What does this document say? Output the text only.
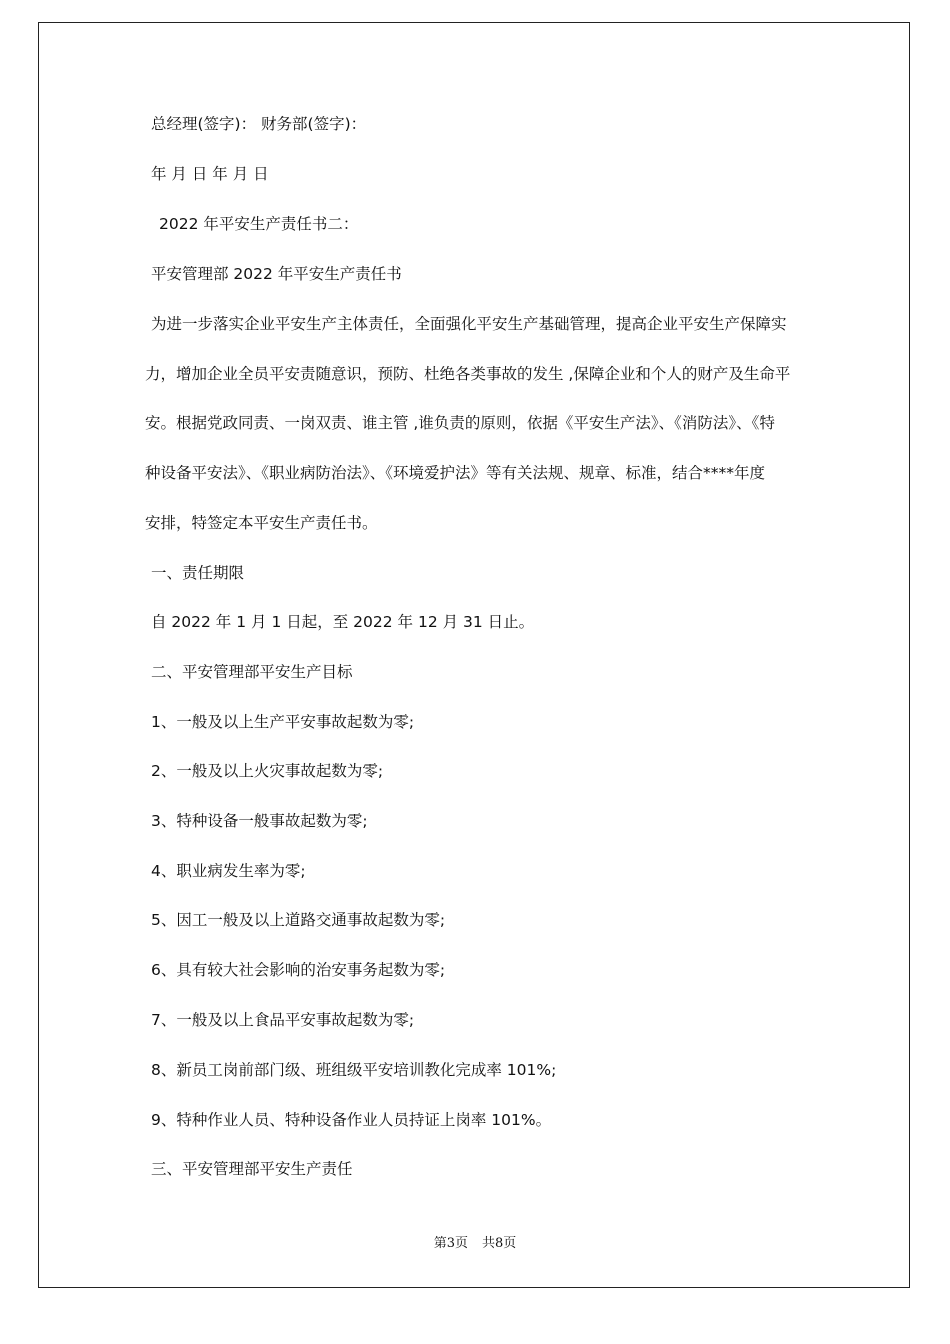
总经理(签字)： 财务部(签字)：
年 月 日 年 月 日
2022 年平安生产责任书二：
平安管理部 2022 年平安生产责任书
为进一步落实企业平安生产主体责任，全面强化平安生产基础管理，提高企业平安生产保障实
力，增加企业全员平安责随意识，预防、杜绝各类事故的发生 ,保障企业和个人的财产及生命平
安。根据党政同责、一岗双责、谁主管 ,谁负责的原则，依据《平安生产法》、《消防法》、《特
种设备平安法》、《职业病防治法》、《环境爱护法》等有关法规、规章、标准，结合****年度
安排，特签定本平安生产责任书。
一、责任期限
自 2022 年 1 月 1 日起，至 2022 年 12 月 31 日止。
二、平安管理部平安生产目标
1、一般及以上生产平安事故起数为零;
2、一般及以上火灾事故起数为零;
3、特种设备一般事故起数为零;
4、职业病发生率为零;
5、因工一般及以上道路交通事故起数为零;
6、具有较大社会影响的治安事务起数为零;
7、一般及以上食品平安事故起数为零;
8、新员工岗前部门级、班组级平安培训教化完成率 101%;
9、特种作业人员、特种设备作业人员持证上岗率 101%。
三、平安管理部平安生产责任
第3页 共8页
